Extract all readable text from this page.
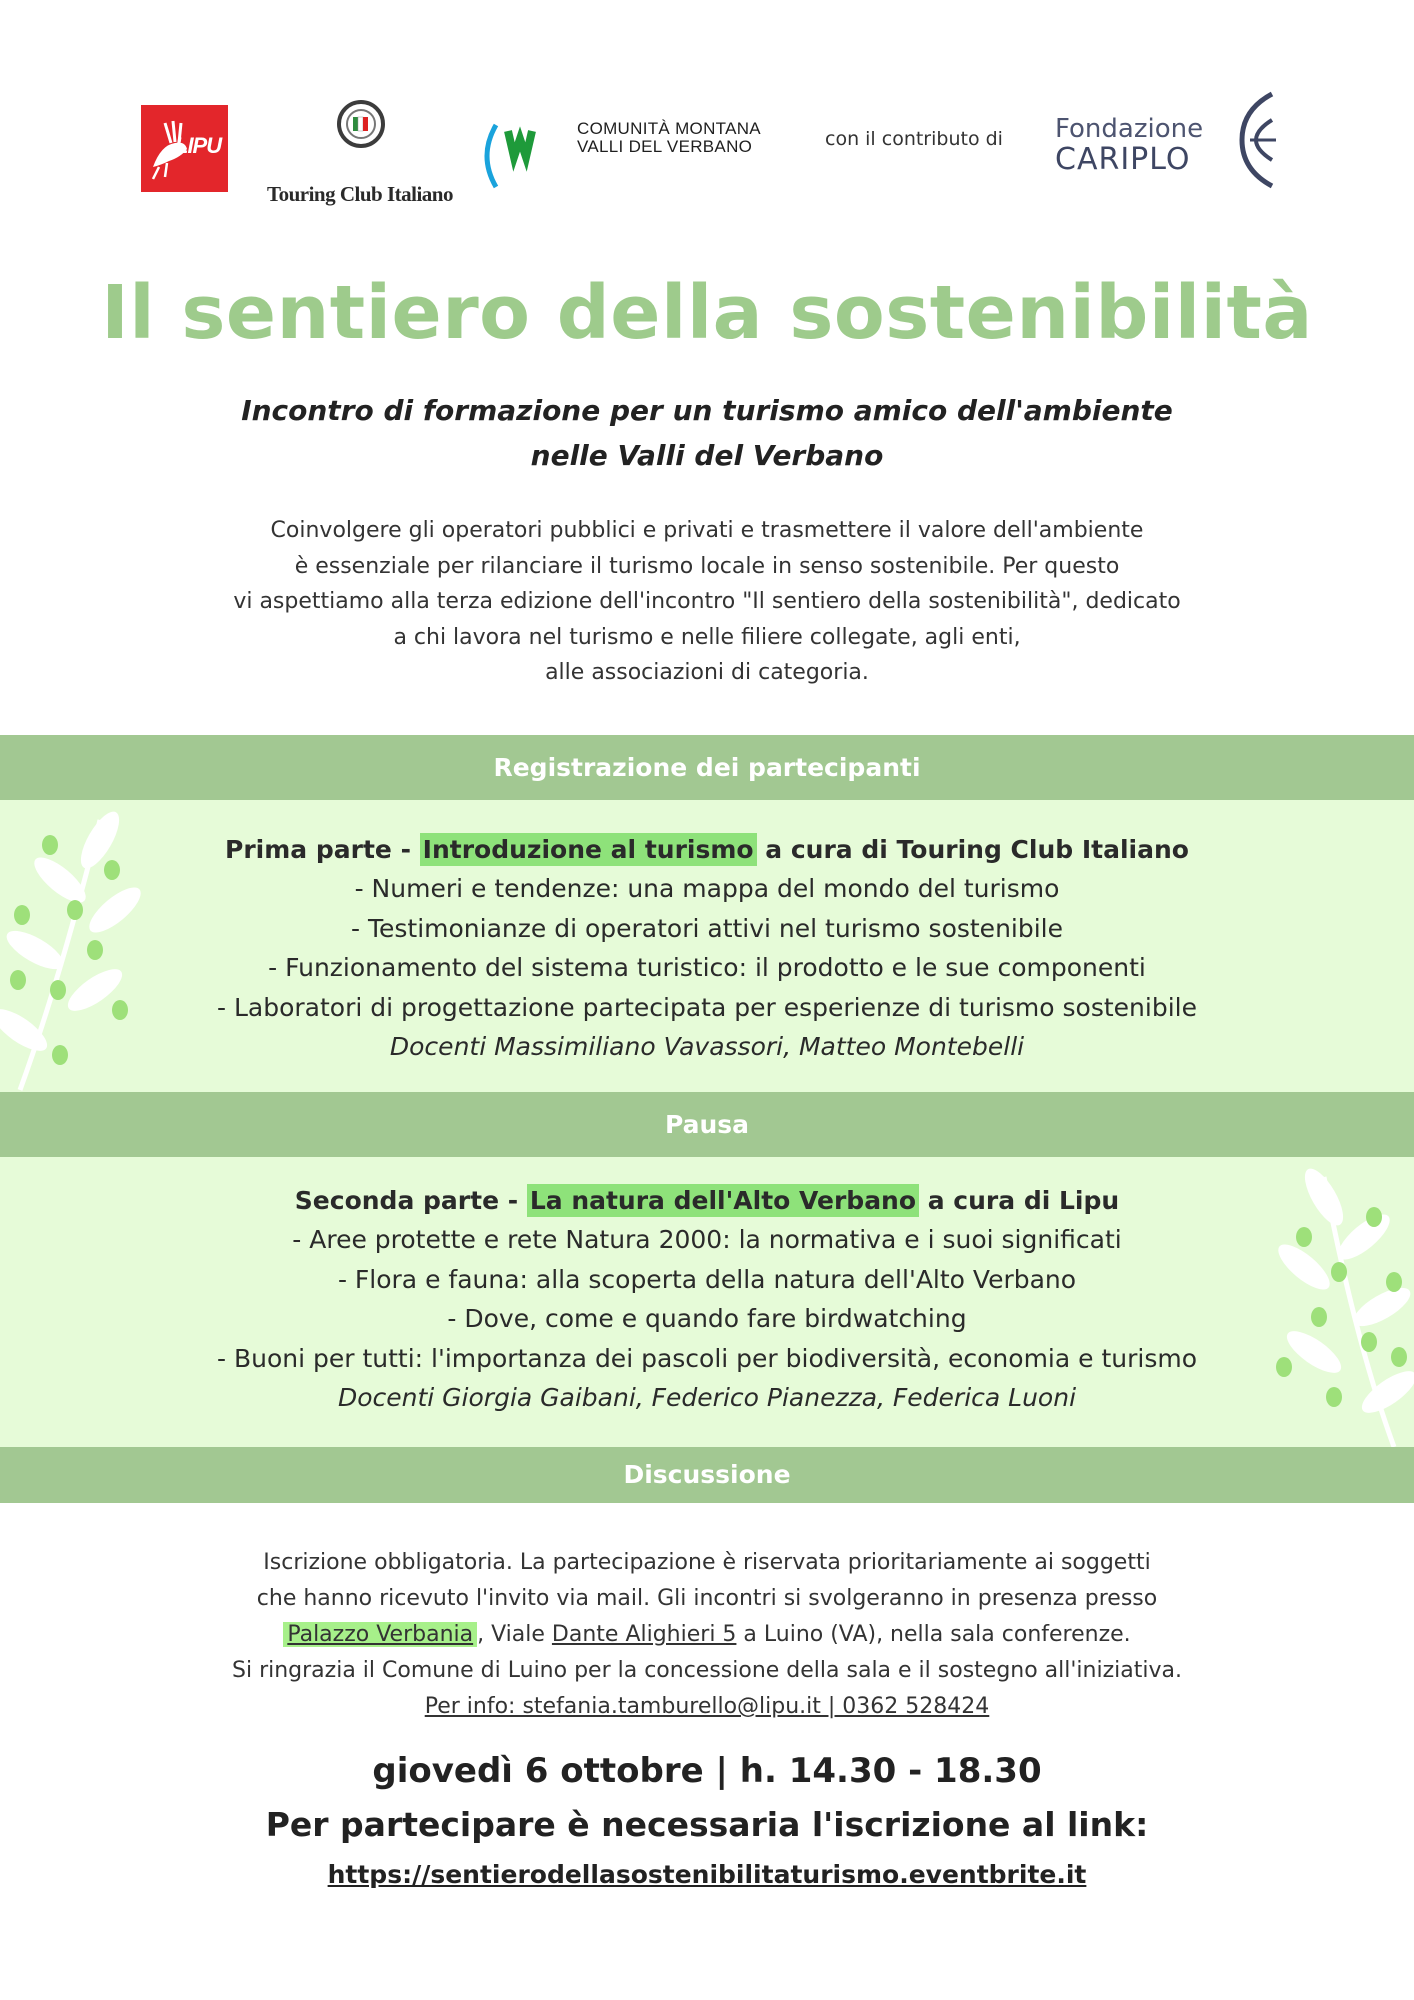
LIPU
Touring Club Italiano
COMUNITÀ MONTANA
VALLI DEL VERBANO	con il contributo di Fondazione
CARIPLO
Il sentiero della sostenibilità
Incontro di formazione per un turismo amico dell'ambiente
nelle Valli del Verbano
Coinvolgere gli operatori pubblici e privati e trasmettere il valore dell'ambiente
è essenziale per rilanciare il turismo locale in senso sostenibile. Per questo
vi aspettiamo alla terza edizione dell'incontro "Il sentiero della sostenibilità", dedicato
a chi lavora nel turismo e nelle filiere collegate, agli enti,
alle associazioni di categoria.
Registrazione dei partecipanti
Prima parte - Introduzione al turismo a cura di Touring Club Italiano
- Numeri e tendenze: una mappa del mondo del turismo
- Testimonianze di operatori attivi nel turismo sostenibile
- Funzionamento del sistema turistico: il prodotto e le sue componenti
- Laboratori di progettazione partecipata per esperienze di turismo sostenibile
Docenti Massimiliano Vavassori, Matteo Montebelli
Pausa
Seconda parte - La natura dell'Alto Verbano a cura di Lipu
- Aree protette e rete Natura 2000: la normativa e i suoi significati
- Flora e fauna: alla scoperta della natura dell'Alto Verbano
- Dove, come e quando fare birdwatching
- Buoni per tutti: l'importanza dei pascoli per biodiversità, economia e turismo
Docenti Giorgia Gaibani, Federico Pianezza, Federica Luoni
Discussione
Iscrizione obbligatoria. La partecipazione è riservata prioritariamente ai soggetti
che hanno ricevuto l'invito via mail. Gli incontri si svolgeranno in presenza presso
Palazzo Verbania , Viale Dante Alighieri 5 a Luino (VA), nella sala conferenze.
Si ringrazia il Comune di Luino per la concessione della sala e il sostegno all'iniziativa.
Per info: stefania.tamburello@lipu.it | 0362 528424
giovedì 6 ottobre | h. 14.30 - 18.30
Per partecipare è necessaria l'iscrizione al link:
https://sentierodellasostenibilitaturismo.eventbrite.it
